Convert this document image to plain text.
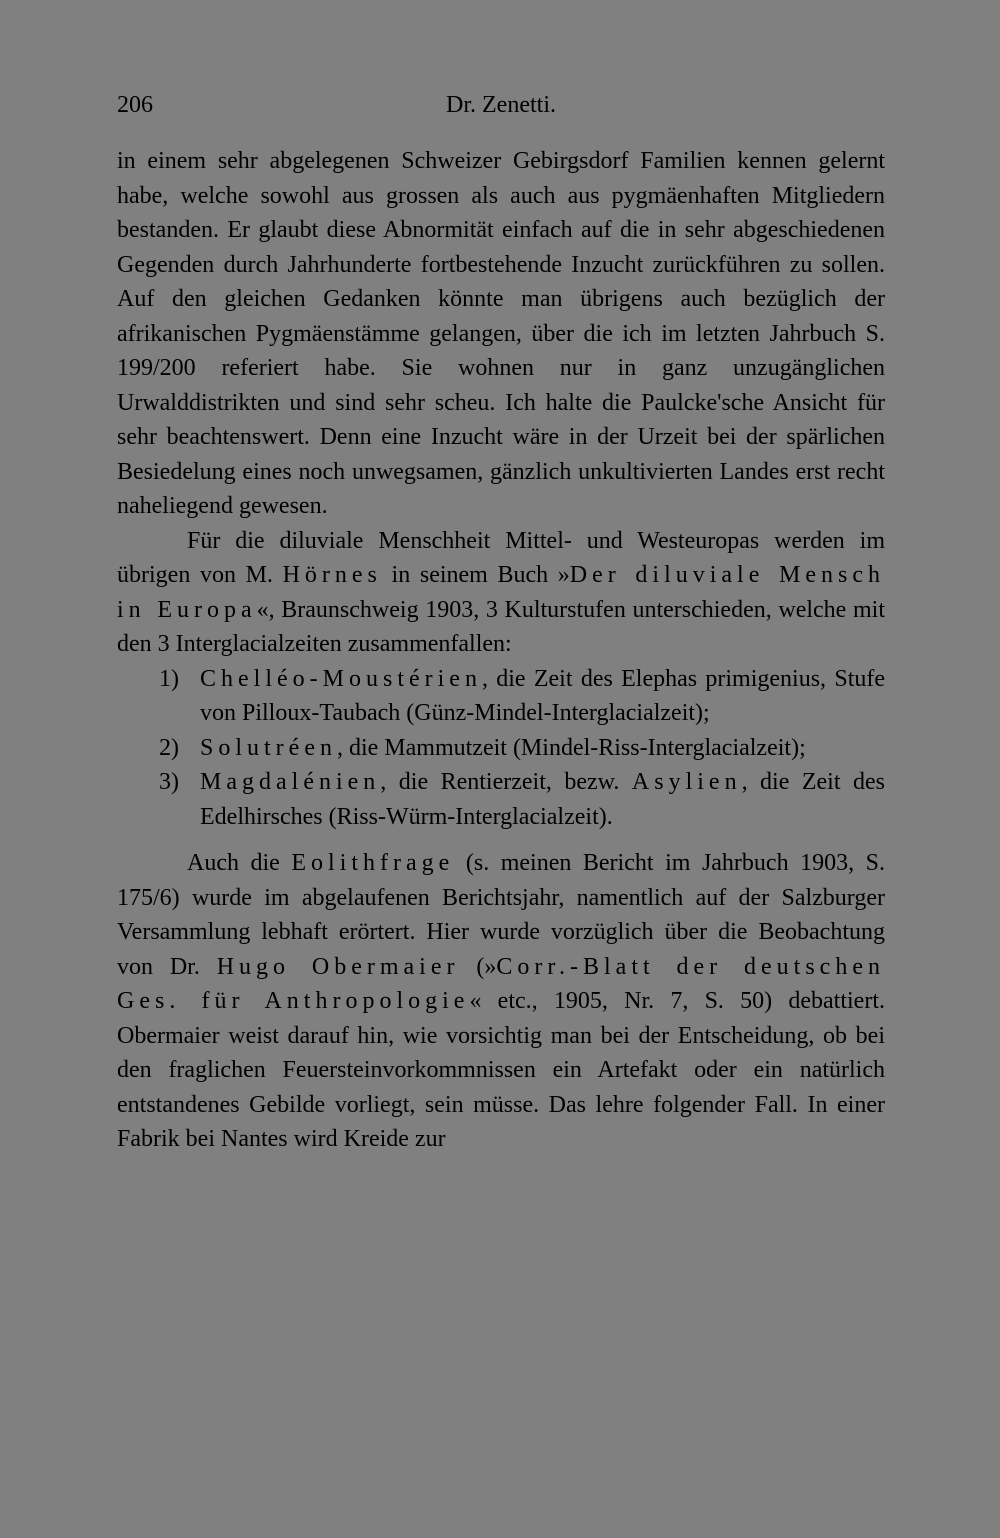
206	Dr. Zenetti.

in einem sehr abgelegenen Schweizer Gebirgsdorf Familien kennen gelernt habe, welche sowohl aus grossen als auch aus pygmäenhaften Mitgliedern bestanden. Er glaubt diese Abnormität einfach auf die in sehr abgeschiedenen Gegenden durch Jahrhunderte fortbestehende Inzucht zurückführen zu sollen. Auf den gleichen Gedanken könnte man übrigens auch bezüglich der afrikanischen Pygmäenstämme gelangen, über die ich im letzten Jahrbuch S. 199/200 referiert habe. Sie wohnen nur in ganz unzugänglichen Urwalddistrikten und sind sehr scheu. Ich halte die Paulcke'sche Ansicht für sehr beachtenswert. Denn eine Inzucht wäre in der Urzeit bei der spärlichen Besiedelung eines noch unwegsamen, gänzlich unkultivierten Landes erst recht naheliegend gewesen.

Für die diluviale Menschheit Mittel- und Westeuropas werden im übrigen von M. Hörnes in seinem Buch »Der diluviale Mensch in Europa«, Braunschweig 1903, 3 Kulturstufen unterschieden, welche mit den 3 Interglacialzeiten zusammenfallen:

1) Chelléo-Moustérien, die Zeit des Elephas primigenius, Stufe von Pilloux-Taubach (Günz-Mindel-Interglacialzeit);
2) Solutréen, die Mammutzeit (Mindel-Riss-Interglacialzeit);
3) Magdalénien, die Rentierzeit, bezw. Asylien, die Zeit des Edelhirsches (Riss-Würm-Interglacialzeit).

Auch die Eolithfrage (s. meinen Bericht im Jahrbuch 1903, S. 175/6) wurde im abgelaufenen Berichtsjahr, namentlich auf der Salzburger Versammlung lebhaft erörtert. Hier wurde vorzüglich über die Beobachtung von Dr. Hugo Obermaier (»Corr.-Blatt der deutschen Ges. für Anthropologie« etc., 1905, Nr. 7, S. 50) debattiert. Obermaier weist darauf hin, wie vorsichtig man bei der Entscheidung, ob bei den fraglichen Feuersteinvorkommnissen ein Artefakt oder ein natürlich entstandenes Gebilde vorliegt, sein müsse. Das lehre folgender Fall. In einer Fabrik bei Nantes wird Kreide zur
